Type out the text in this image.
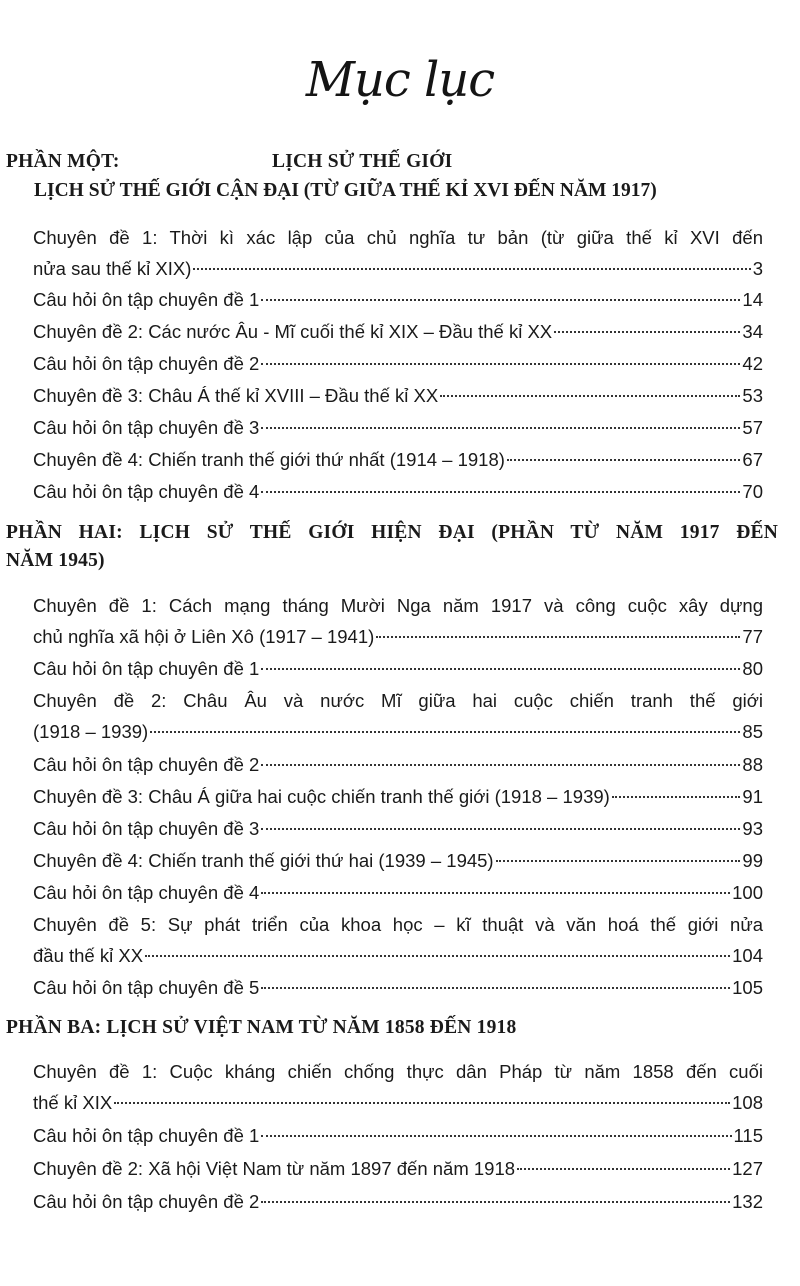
Mục lục
PHẦN MỘT:	LỊCH SỬ THẾ GIỚI
LỊCH SỬ THẾ GIỚI CẬN ĐẠI (TỪ GIỮA THẾ KỈ XVI ĐẾN NĂM 1917)
Chuyên đề 1: Thời kì xác lập của chủ nghĩa tư bản (từ giữa thế kỉ XVI đến
nửa sau thế kỉ XIX)	3
Câu hỏi ôn tập chuyên đề 1	14
Chuyên đề 2: Các nước Âu - Mĩ cuối thế kỉ XIX – Đầu thế kỉ XX	34
Câu hỏi ôn tập chuyên đề 2	42
Chuyên đề 3: Châu Á thế kỉ XVIII – Đầu thế kỉ XX	53
Câu hỏi ôn tập chuyên đề 3	57
Chuyên đề 4: Chiến tranh thế giới thứ nhất (1914 – 1918)	67
Câu hỏi ôn tập chuyên đề 4	70
PHẦN HAI: LỊCH SỬ THẾ GIỚI HIỆN ĐẠI (PHẦN TỪ NĂM 1917 ĐẾN
NĂM 1945)
Chuyên đề 1: Cách mạng tháng Mười Nga năm 1917 và công cuộc xây dựng
chủ nghĩa xã hội ở Liên Xô (1917 – 1941)	77
Câu hỏi ôn tập chuyên đề 1	80
Chuyên đề 2: Châu Âu và nước Mĩ giữa hai cuộc chiến tranh thế giới
(1918 – 1939)	85
Câu hỏi ôn tập chuyên đề 2	88
Chuyên đề 3: Châu Á giữa hai cuộc chiến tranh thế giới (1918 – 1939)	91
Câu hỏi ôn tập chuyên đề 3	93
Chuyên đề 4: Chiến tranh thế giới thứ hai (1939 – 1945)	99
Câu hỏi ôn tập chuyên đề 4	100
Chuyên đề 5: Sự phát triển của khoa học – kĩ thuật và văn hoá thế giới nửa
đầu thế kỉ XX	104
Câu hỏi ôn tập chuyên đề 5	105
PHẦN BA: LỊCH SỬ VIỆT NAM TỪ NĂM 1858 ĐẾN 1918
Chuyên đề 1: Cuộc kháng chiến chống thực dân Pháp từ năm 1858 đến cuối
thế kỉ XIX	108
Câu hỏi ôn tập chuyên đề 1	115
Chuyên đề 2: Xã hội Việt Nam từ năm 1897 đến năm 1918	127
Câu hỏi ôn tập chuyên đề 2	132
